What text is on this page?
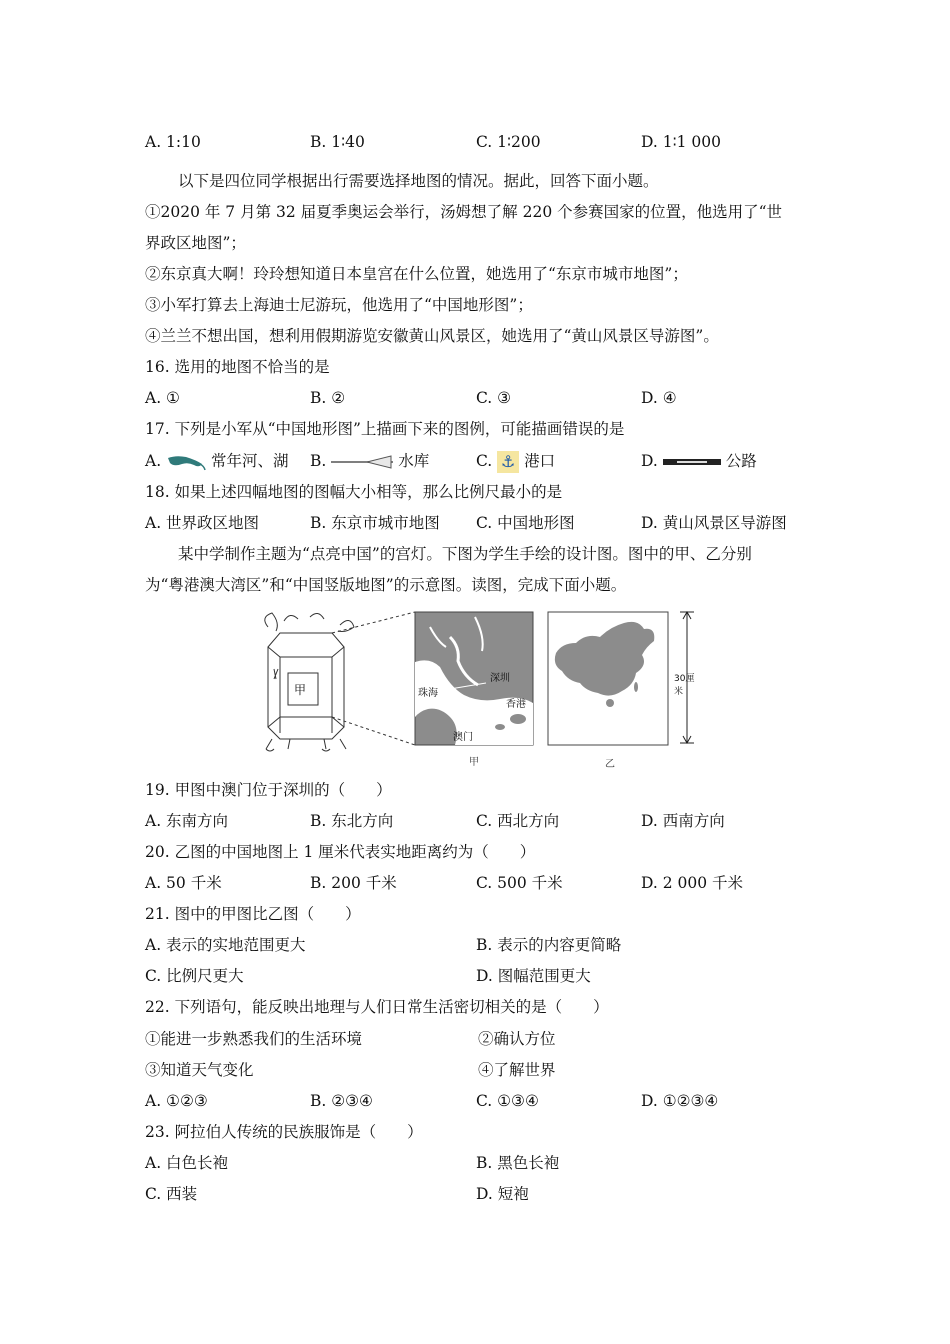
A. 1:10	B. 1∶40	C. 1∶200	D. 1∶1 000
以下是四位同学根据出行需要选择地图的情况。据此，回答下面小题。
①2020 年 7 月第 32 届夏季奥运会举行，汤姆想了解 220 个参赛国家的位置，他选用了“世
界政区地图”；
②东京真大啊！玲玲想知道日本皇宫在什么位置，她选用了“东京市城市地图”；
③小军打算去上海迪士尼游玩，他选用了“中国地形图”；
④兰兰不想出国，想利用假期游览安徽黄山风景区，她选用了“黄山风景区导游图”。
16. 选用的地图不恰当的是
A. ①	B. ②	C. ③	D. ④
17. 下列是小军从“中国地形图”上描画下来的图例，可能描画错误的是
A.	常年河、湖 B.	水库	C. ⚓ 港口	D.	公路
18. 如果上述四幅地图的图幅大小相等，那么比例尺最小的是
A. 世界政区地图	B. 东京市城市地图 C. 中国地形图	D. 黄山风景区导游图
某中学制作主题为“点亮中国”的宫灯。下图为学生手绘的设计图。图中的甲、乙分别
为“粤港澳大湾区”和“中国竖版地图”的示意图。读图，完成下面小题。
甲	珠海
深圳
香港
澳门
30厘米
甲	乙
19. 甲图中澳门位于深圳的（　　）
A. 东南方向	B. 东北方向	C. 西北方向	D. 西南方向
20. 乙图的中国地图上 1 厘米代表实地距离约为（　　）
A. 50 千米	B. 200 千米	C. 500 千米	D. 2 000 千米
21. 图中的甲图比乙图（　　）
A. 表示的实地范围更大	B. 表示的内容更简略
C. 比例尺更大	D. 图幅范围更大
22. 下列语句，能反映出地理与人们日常生活密切相关的是（　　）
①能进一步熟悉我们的生活环境	②确认方位
③知道天气变化	④了解世界
A. ①②③	B. ②③④	C. ①③④	D. ①②③④
23. 阿拉伯人传统的民族服饰是（　　）
A. 白色长袍	B. 黑色长袍
C. 西装	D. 短袍
